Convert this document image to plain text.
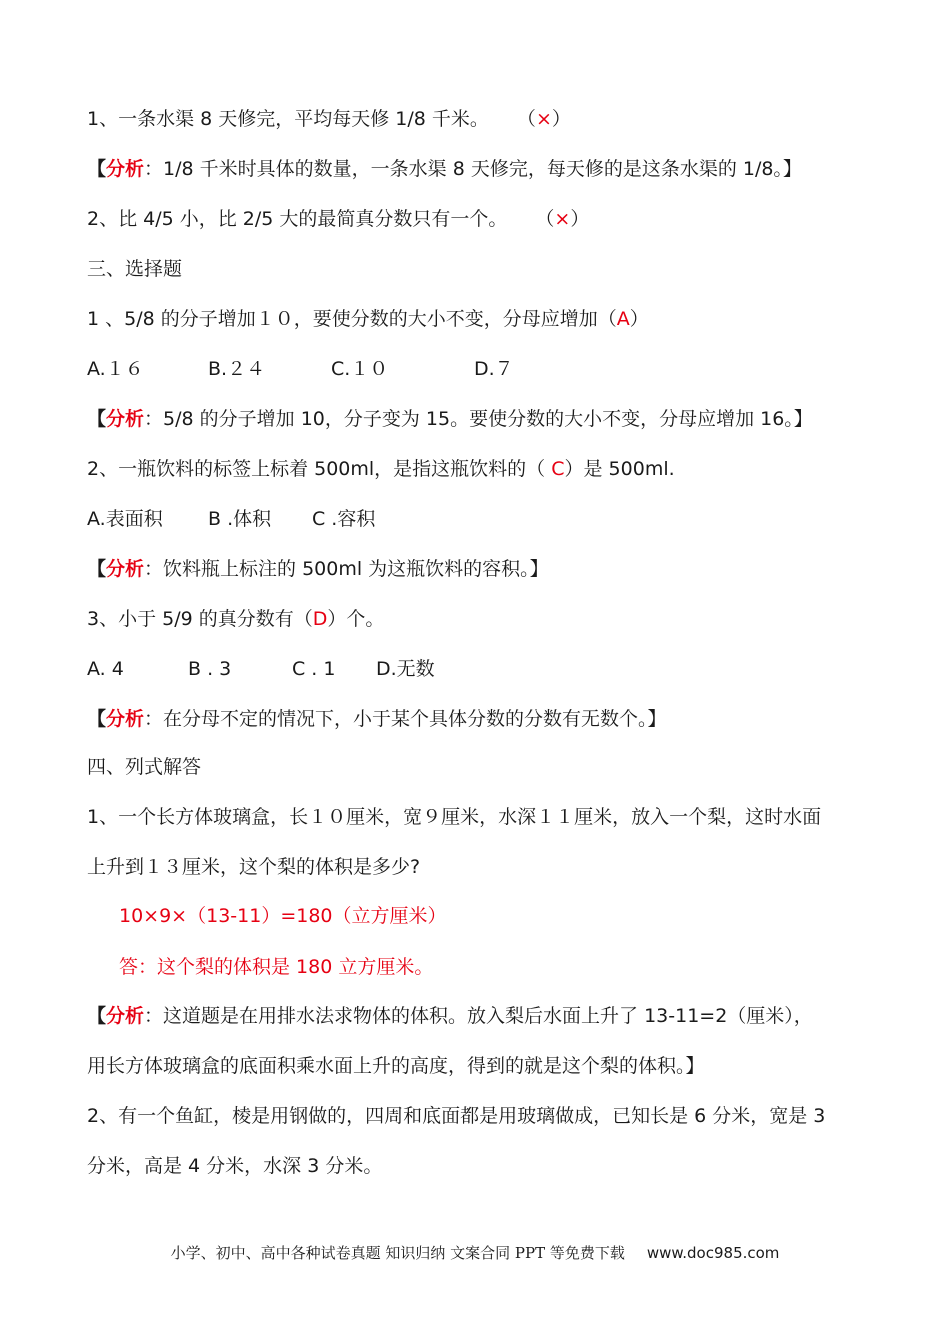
1、一条水渠 8 天修完，平均每天修 1/8 千米。 （×）
【分析：1/8 千米时具体的数量，一条水渠 8 天修完，每天修的是这条水渠的 1/8。】
2、比 4/5 小，比 2/5 大的最简真分数只有一个。 （×）
三、选择题
1 、5/8 的分子增加１０，要使分数的大小不变，分母应增加（A）
A.１６	B.２４	C.１０	D.７
【分析：5/8 的分子增加 10，分子变为 15。要使分数的大小不变，分母应增加 16。】
2、一瓶饮料的标签上标着 500ml，是指这瓶饮料的（ C）是 500ml.
A.表面积 B .体积 C .容积
【分析：饮料瓶上标注的 500ml 为这瓶饮料的容积。】
3、小于 5/9 的真分数有（D）个。
A. 4	B . 3	C . 1 D.无数
【分析：在分母不定的情况下，小于某个具体分数的分数有无数个。】
四、列式解答
1、一个长方体玻璃盒，长１０厘米，宽９厘米，水深１１厘米，放入一个梨，这时水面
上升到１３厘米，这个梨的体积是多少?
10×9×（13-11）=180（立方厘米）
答：这个梨的体积是 180 立方厘米。
【分析：这道题是在用排水法求物体的体积。放入梨后水面上升了 13-11=2（厘米），
用长方体玻璃盒的底面积乘水面上升的高度，得到的就是这个梨的体积。】
2、有一个鱼缸，棱是用钢做的，四周和底面都是用玻璃做成，已知长是 6 分米，宽是 3
分米，高是 4 分米，水深 3 分米。
小学、初中、高中各种试卷真题 知识归纳 文案合同 PPT 等免费下载 www.doc985.com
